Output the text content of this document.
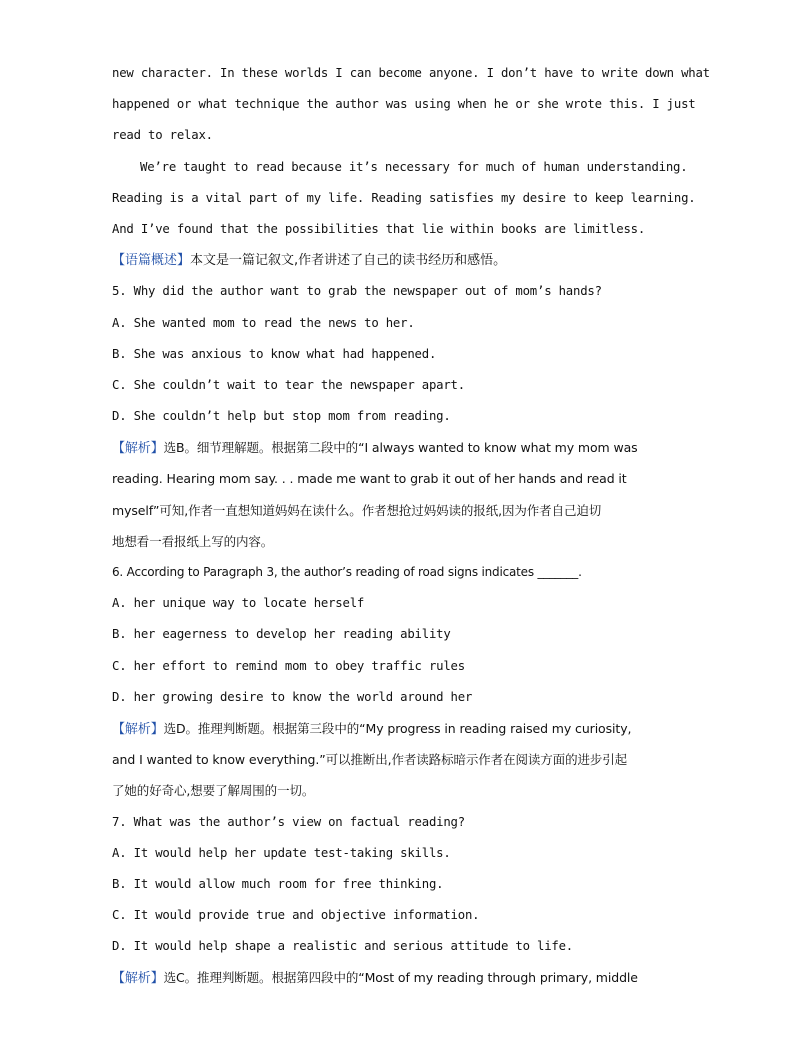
new character. In these worlds I can become anyone. I don’t have to write down what
happened or what technique the author was using when he or she wrote this. I just
read to relax.
We’re taught to read because it’s necessary for much of human understanding.
Reading is a vital part of my life. Reading satisfies my desire to keep learning.
And I’ve found that the possibilities that lie within books are limitless.
【语篇概述】本文是一篇记叙文,作者讲述了自己的读书经历和感悟。
5. Why did the author want to grab the newspaper out of mom’s hands?
A. She wanted mom to read the news to her.
B. She was anxious to know what had happened.
C. She couldn’t wait to tear the newspaper apart.
D. She couldn’t help but stop mom from reading.
【解析】选B。细节理解题。根据第二段中的“I always wanted to know what my mom was
reading. Hearing mom say. . . made me want to grab it out of her hands and read it
myself”可知,作者一直想知道妈妈在读什么。作者想抢过妈妈读的报纸,因为作者自己迫切
地想看一看报纸上写的内容。
6. According to Paragraph 3, the author’s reading of road signs indicates _______.
A. her unique way to locate herself
B. her eagerness to develop her reading ability
C. her effort to remind mom to obey traffic rules
D. her growing desire to know the world around her
【解析】选D。推理判断题。根据第三段中的“My progress in reading raised my curiosity,
and I wanted to know everything.”可以推断出,作者读路标暗示作者在阅读方面的进步引起
了她的好奇心,想要了解周围的一切。
7. What was the author’s view on factual reading?
A. It would help her update test-taking skills.
B. It would allow much room for free thinking.
C. It would provide true and objective information.
D. It would help shape a realistic and serious attitude to life.
【解析】选C。推理判断题。根据第四段中的“Most of my reading through primary, middle
